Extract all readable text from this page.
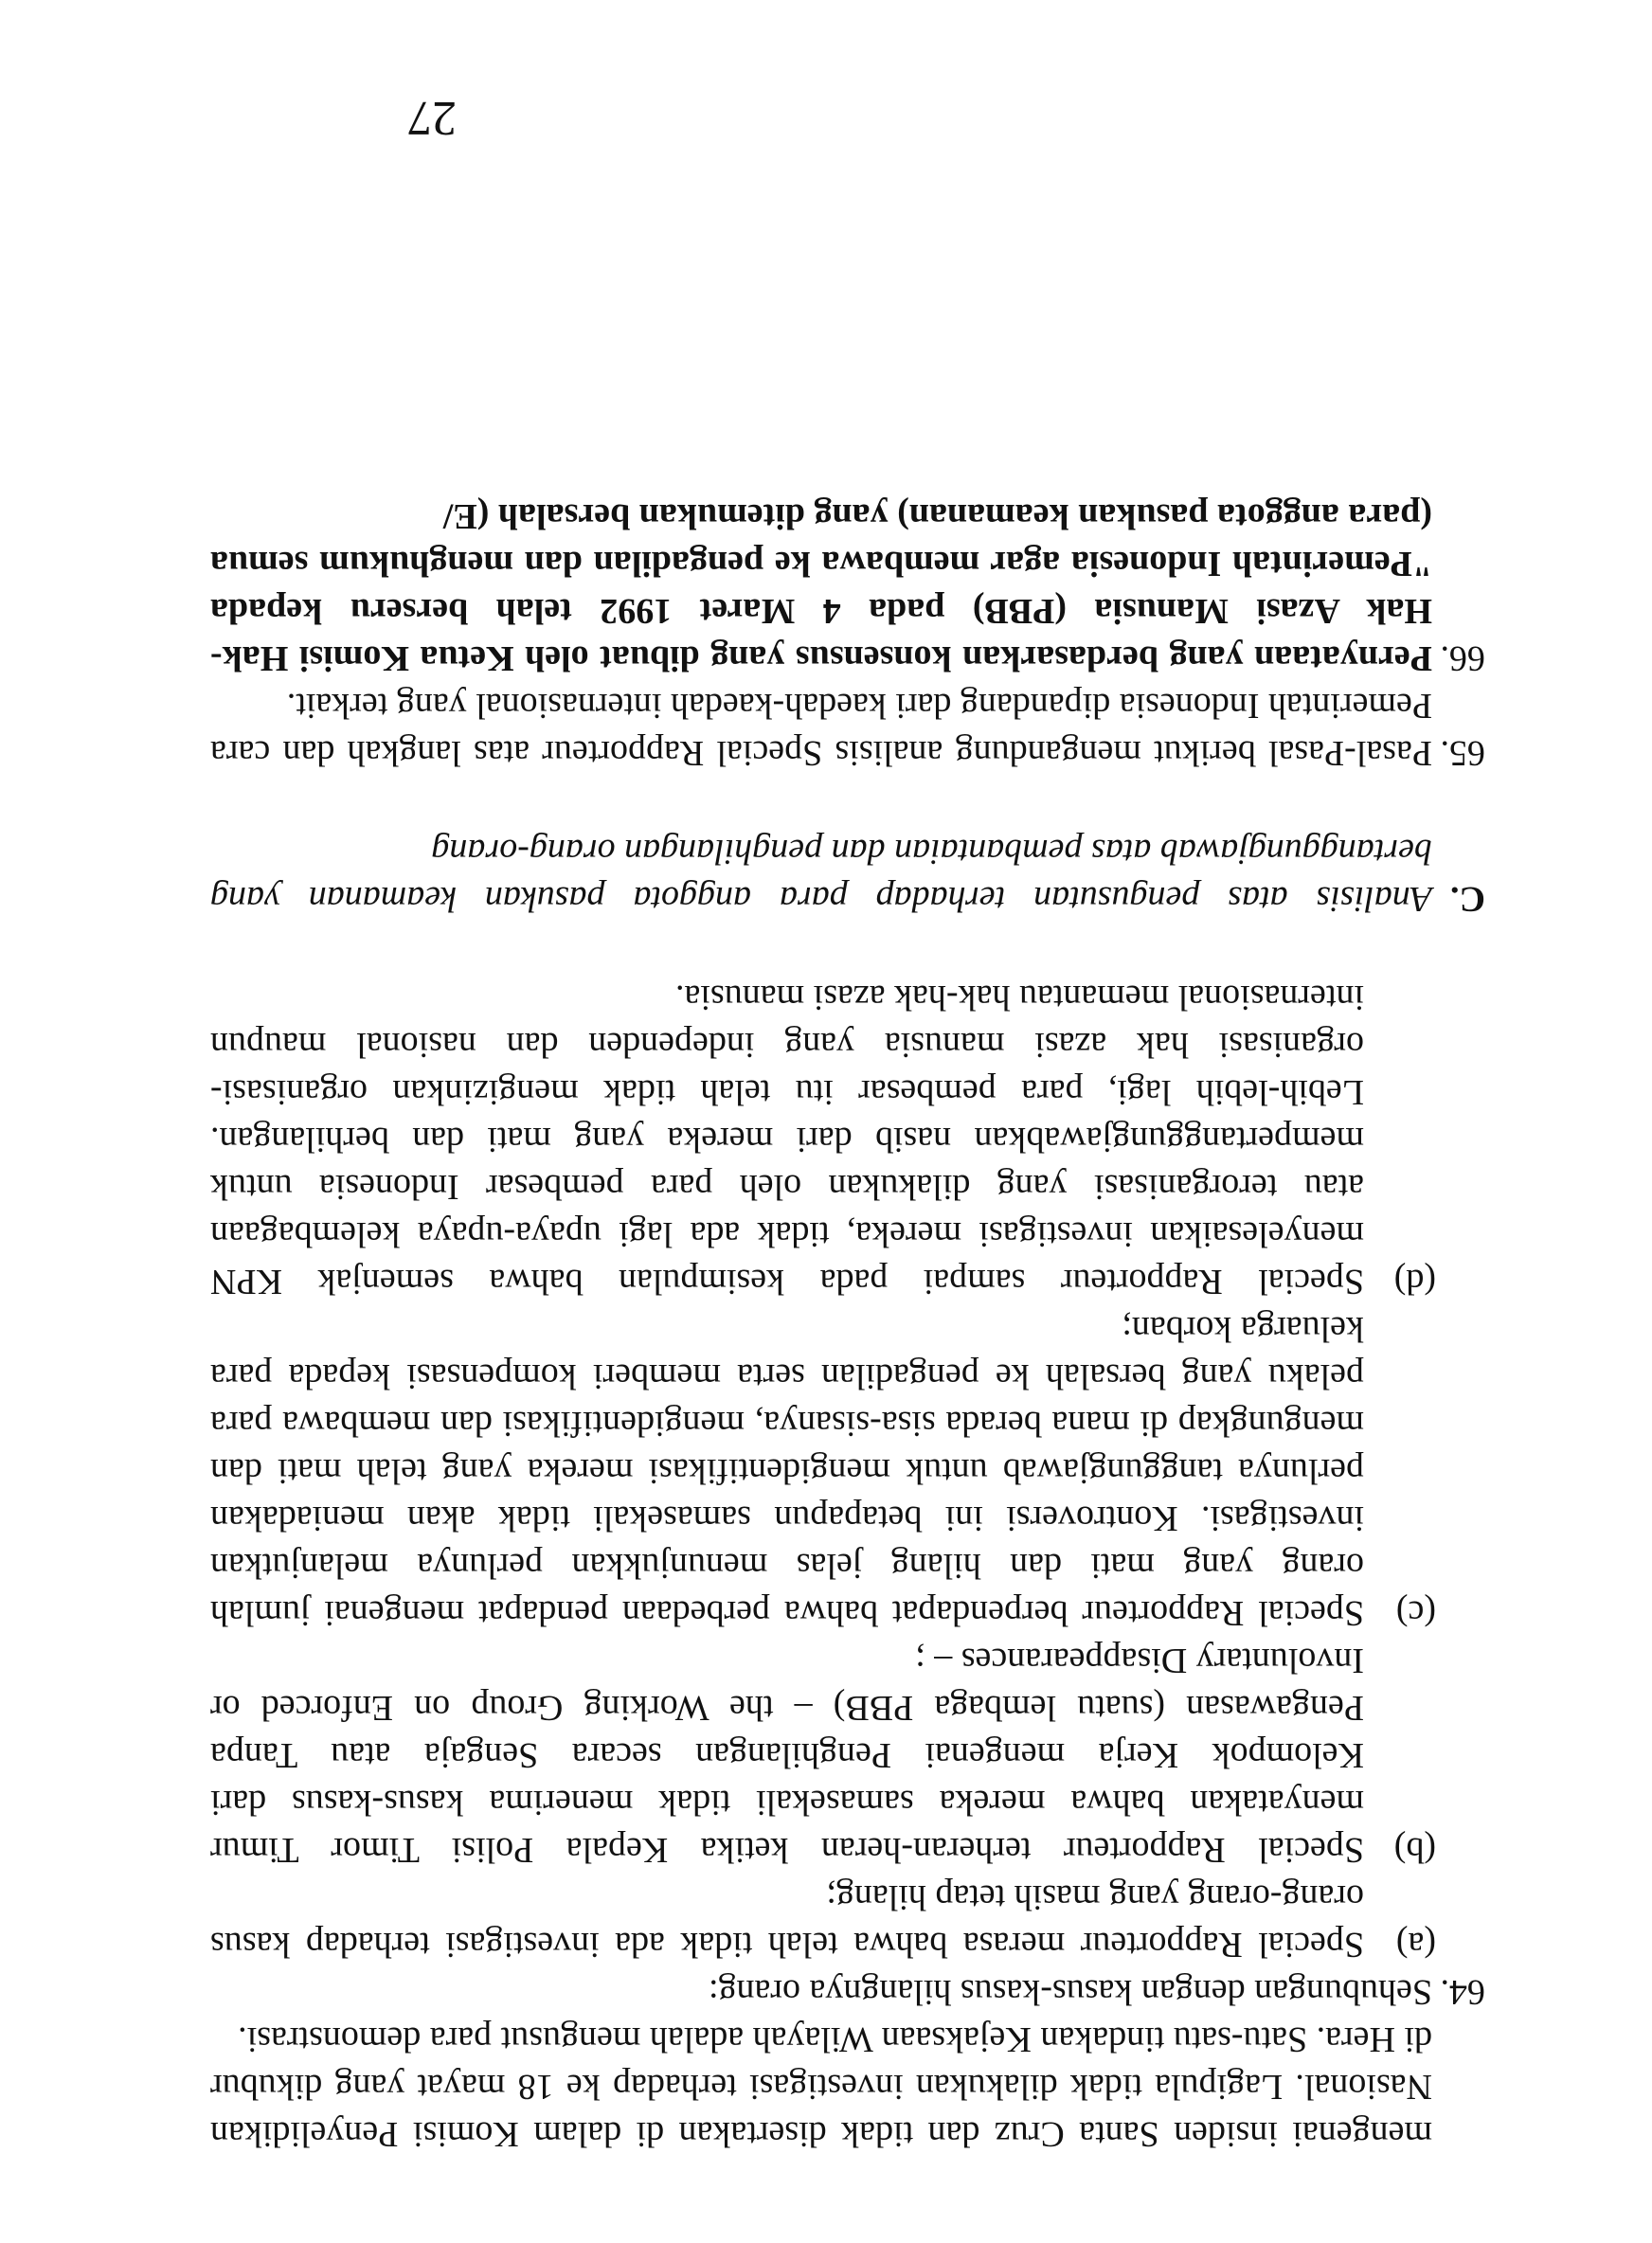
mengenai insiden Santa Cruz dan tidak disertakan di dalam Komisi Penyelidikan Nasional. Lagipula tidak dilakukan investigasi terhadap ke 18 mayat yang dikubur di Hera. Satu-satu tindakan Kejaksaan Wilayah adalah mengusut para demonstrasi.

64.
Sehubungan dengan kasus-kasus hilangnya orang:
(a)
Special Rapporteur merasa bahwa telah tidak ada investigasi terhadap kasus orang-orang yang masih tetap hilang;
(b)
Special Rapporteur terheran-heran ketika Kepala Polisi Timor Timur menyatakan bahwa mereka samasekali tidak menerima kasus-kasus dari Kelompok Kerja mengenai Penghilangan secara Sengaja atau Tanpa Pengawasan (suatu lembaga PBB) – the Working Group on Enforced or Involuntary Disappearances – ;
(c)
Special Rapporteur berpendapat bahwa perbedaan pendapat mengenai jumlah orang yang mati dan hilang jelas menunjukkan perlunya melanjutkan investigasi. Kontroversi ini betapapun samasekali tidak akan meniadakan perlunya tanggungjawab untuk mengidentifikasi mereka yang telah mati dan mengungkap di mana berada sisa-sisanya, mengidentifikasi dan membawa para pelaku yang bersalah ke pengadilan serta memberi kompensasi kepada para keluarga korban;
(d)
Special Rapporteur sampai pada kesimpulan bahwa semenjak KPN menyelesaikan investigasi mereka, tidak ada lagi upaya-upaya kelembagaan atau terorganisasi yang dilakukan oleh para pembesar Indonesia untuk mempertanggungjawabkan nasib dari mereka yang mati dan berhilangan. Lebih-lebih lagi, para pembesar itu telah tidak mengizinkan organisasi-organisasi hak azasi manusia yang independen dan nasional maupun internasional memantau hak-hak azasi manusia.
C.
Analisis atas pengusutan terhadap para anggota pasukan keamanan yang bertanggungjawab atas pembantaian dan penghilangan orang-orang
65.
Pasal-Pasal berikut mengandung analisis Special Rapporteur atas langkah dan cara Pemerintah Indonesia dipandang dari kaedah-kaedah internasional yang terkait.
66.
Pernyataan yang berdasarkan konsensus yang dibuat oleh Ketua Komisi Hak-Hak Azasi Manusia (PBB) pada 4 Maret 1992 telah berseru kepada "Pemerintah Indonesia agar membawa ke pengadilan dan menghukum semua (para anggota pasukan keamanan) yang ditemukan bersalah (E/
27
